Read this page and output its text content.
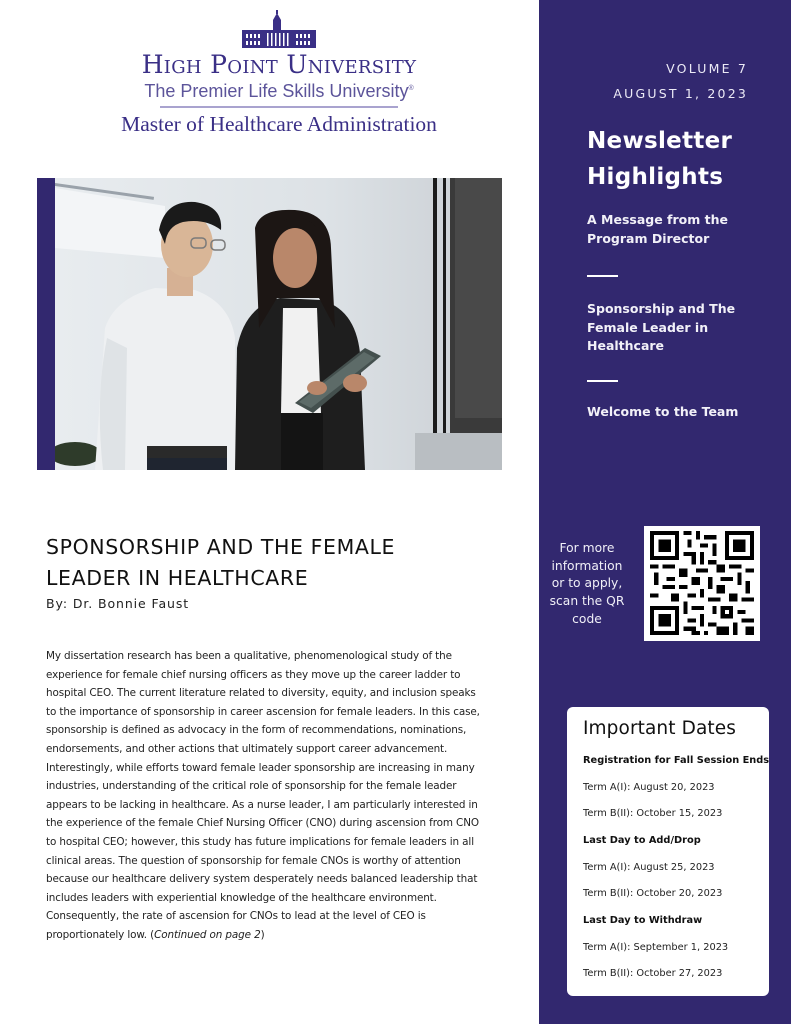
High Point University
The Premier Life Skills University®
Master of Healthcare Administration
SPONSORSHIP AND THE FEMALE LEADER IN HEALTHCARE
By: Dr. Bonnie Faust

My dissertation research has been a qualitative, phenomenological study of the experience for female chief nursing officers as they move up the career ladder to hospital CEO. The current literature related to diversity, equity, and inclusion speaks to the importance of sponsorship in career ascension for female leaders. In this case, sponsorship is defined as advocacy in the form of recommendations, nominations, endorsements, and other actions that ultimately support career advancement. Interestingly, while efforts toward female leader sponsorship are increasing in many industries, understanding of the critical role of sponsorship for the female leader appears to be lacking in healthcare. As a nurse leader, I am particularly interested in the experience of the female Chief Nursing Officer (CNO) during ascension from CNO to hospital CEO; however, this study has future implications for female leaders in all clinical areas. The question of sponsorship for female CNOs is worthy of attention because our healthcare delivery system desperately needs balanced leadership that includes leaders with experiential knowledge of the healthcare environment. Consequently, the rate of ascension for CNOs to lead at the level of CEO is proportionately low. (Continued on page 2)

VOLUME 7
AUGUST 1, 2023
Newsletter
Highlights
A Message from the Program Director
Sponsorship and The Female Leader in Healthcare
Welcome to the Team
For more information or to apply, scan the QR code
Important Dates
Registration for Fall Session Ends
Term A(I): August 20, 2023
Term B(II): October 15, 2023
Last Day to Add/Drop
Term A(I): August 25, 2023
Term B(II): October 20, 2023
Last Day to Withdraw
Term A(I): September 1, 2023
Term B(II): October 27, 2023
